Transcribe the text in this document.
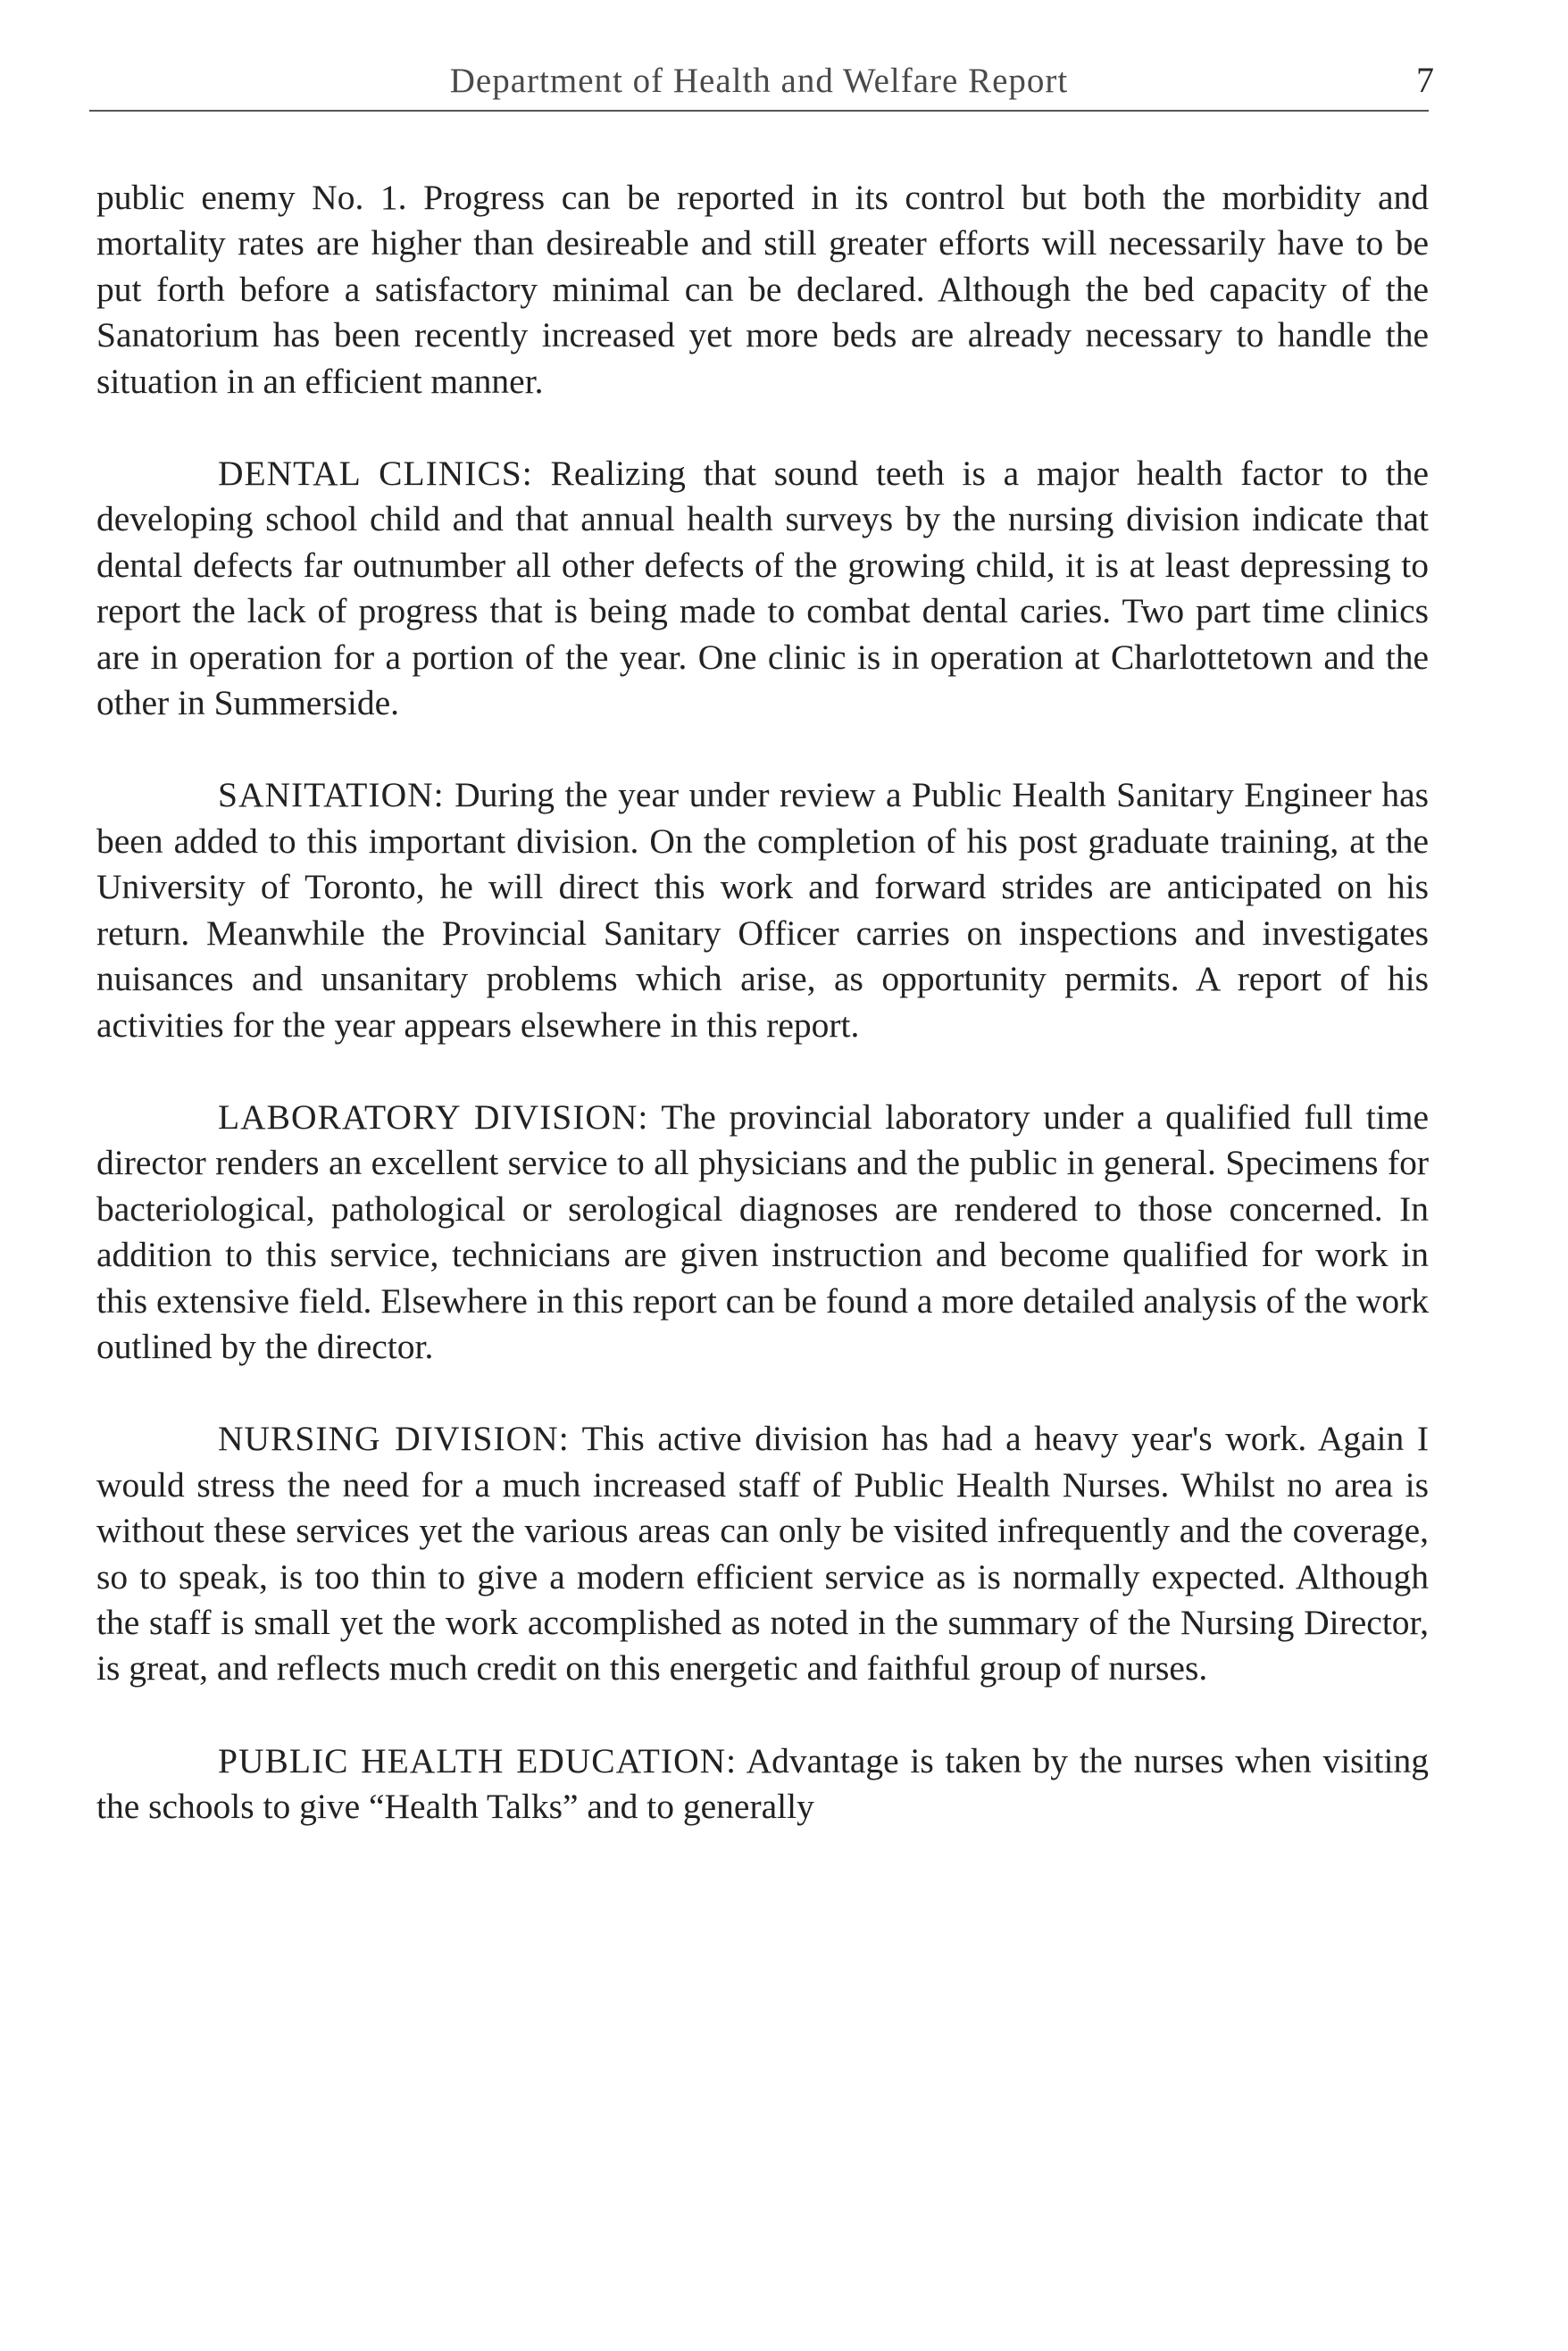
Department of Health and Welfare Report	7

public enemy No. 1. Progress can be reported in its control but both the morbidity and mortality rates are higher than desireable and still greater efforts will necessarily have to be put forth before a satisfactory minimal can be declared. Although the bed capacity of the Sanatorium has been recently increased yet more beds are already necessary to handle the situation in an efficient manner.

DENTAL CLINICS: Realizing that sound teeth is a major health factor to the developing school child and that annual health surveys by the nursing division indicate that dental defects far outnumber all other defects of the growing child, it is at least depressing to report the lack of progress that is being made to combat dental caries. Two part time clinics are in operation for a portion of the year. One clinic is in operation at Charlottetown and the other in Summerside.

SANITATION: During the year under review a Public Health Sanitary Engineer has been added to this important division. On the completion of his post graduate training, at the University of Toronto, he will direct this work and forward strides are anticipated on his return. Meanwhile the Provincial Sanitary Officer carries on inspections and investigates nuisances and unsanitary problems which arise, as opportunity permits. A report of his activities for the year appears elsewhere in this report.

LABORATORY DIVISION: The provincial laboratory under a qualified full time director renders an excellent service to all physicians and the public in general. Specimens for bacteriological, pathological or serological diagnoses are rendered to those concerned. In addition to this service, technicians are given instruction and become qualified for work in this extensive field. Elsewhere in this report can be found a more detailed analysis of the work outlined by the director.

NURSING DIVISION: This active division has had a heavy year's work. Again I would stress the need for a much increased staff of Public Health Nurses. Whilst no area is without these services yet the various areas can only be visited infrequently and the coverage, so to speak, is too thin to give a modern efficient service as is normally expected. Although the staff is small yet the work accomplished as noted in the summary of the Nursing Director, is great, and reflects much credit on this energetic and faithful group of nurses.

PUBLIC HEALTH EDUCATION: Advantage is taken by the nurses when visiting the schools to give “Health Talks” and to generally
